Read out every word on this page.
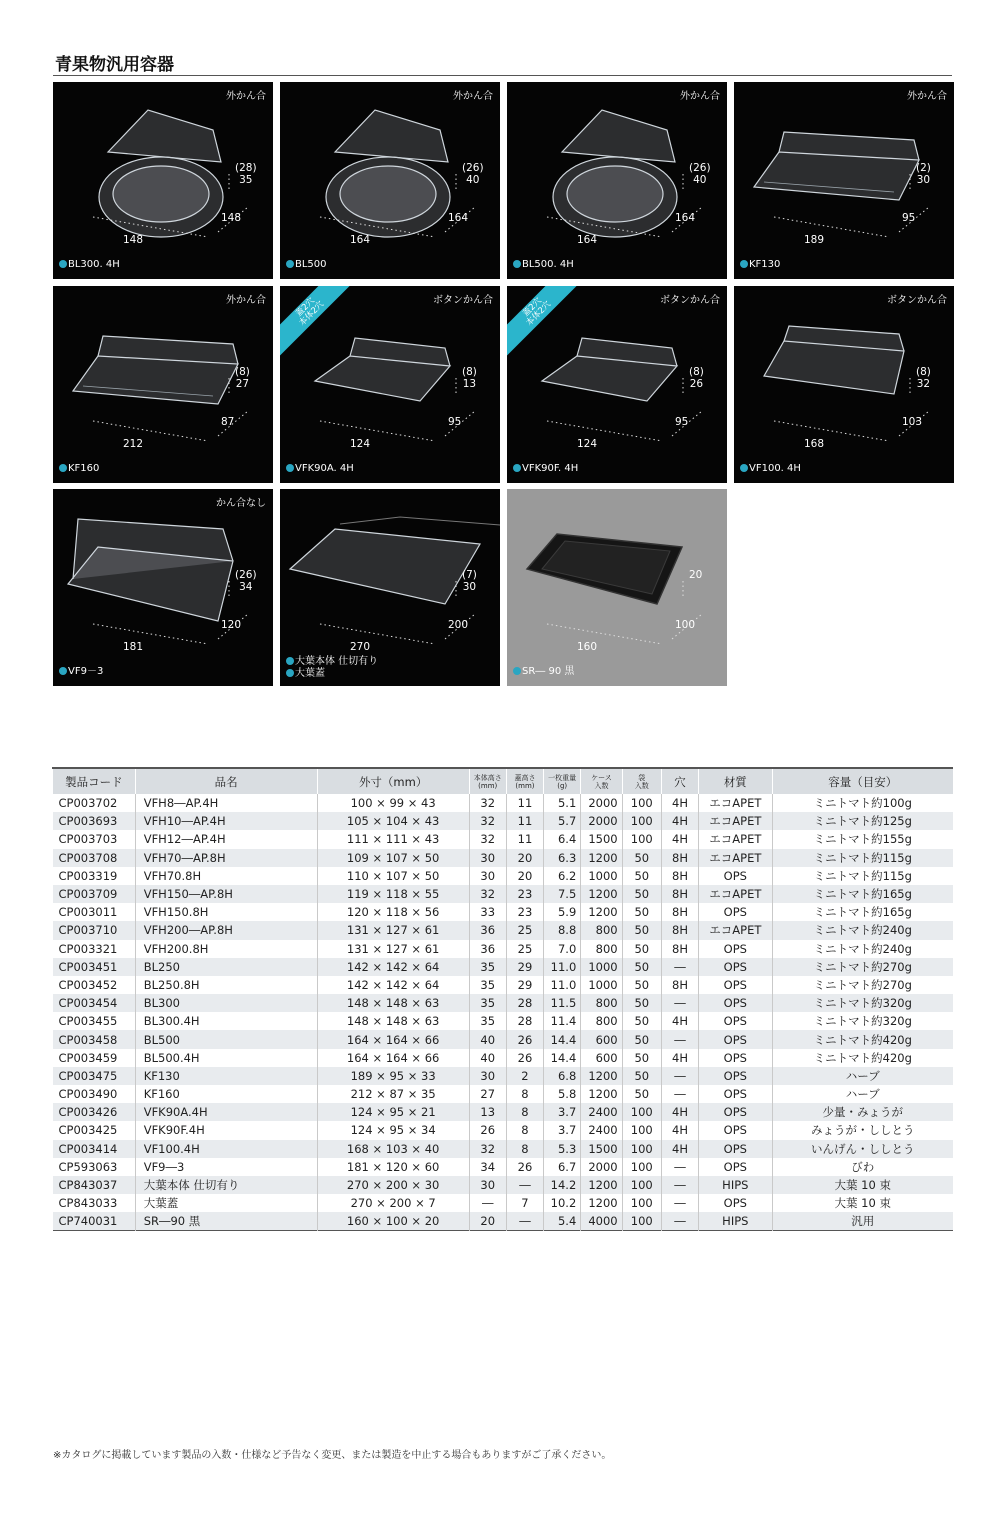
青果物汎用容器
外かん合
(28)
35
148
148
BL300. 4H
外かん合
(26)
40
164
164
BL500
外かん合
(26)
40
164
164
BL500. 4H
外かん合
(2)
30
95
189
KF130
外かん合
(8)
27
87
212
KF160
ボタンかん合
蓋2穴
本体2穴
(8)
13
95
124
VFK90A. 4H
ボタンかん合
蓋2穴
本体2穴
(8)
26
95
124
VFK90F. 4H
ボタンかん合
(8)
32
103
168
VF100. 4H
かん合なし
(26)
34
120
181
VF9－3
(7)
30
200
270
大葉本体 仕切有り
大葉蓋
20
100
160
SR― 90 黒
製品コード	品名	外寸（mm）	本体高さ
(mm)	蓋高さ
(mm)	一枚重量
(g)	ケース
入数	袋
入数	穴	材質	容量（目安）
CP003702	VFH8―AP.4H	100 × 99 × 43	32	11	5.1	2000	100	4H	エコAPET	ミニトマト約100g
CP003693	VFH10―AP.4H	105 × 104 × 43	32	11	5.7	2000	100	4H	エコAPET	ミニトマト約125g
CP003703	VFH12―AP.4H	111 × 111 × 43	32	11	6.4	1500	100	4H	エコAPET	ミニトマト約155g
CP003708	VFH70―AP.8H	109 × 107 × 50	30	20	6.3	1200	50	8H	エコAPET	ミニトマト約115g
CP003319	VFH70.8H	110 × 107 × 50	30	20	6.2	1000	50	8H	OPS	ミニトマト約115g
CP003709	VFH150―AP.8H	119 × 118 × 55	32	23	7.5	1200	50	8H	エコAPET	ミニトマト約165g
CP003011	VFH150.8H	120 × 118 × 56	33	23	5.9	1200	50	8H	OPS	ミニトマト約165g
CP003710	VFH200―AP.8H	131 × 127 × 61	36	25	8.8	800	50	8H	エコAPET	ミニトマト約240g
CP003321	VFH200.8H	131 × 127 × 61	36	25	7.0	800	50	8H	OPS	ミニトマト約240g
CP003451	BL250	142 × 142 × 64	35	29	11.0	1000	50	―	OPS	ミニトマト約270g
CP003452	BL250.8H	142 × 142 × 64	35	29	11.0	1000	50	8H	OPS	ミニトマト約270g
CP003454	BL300	148 × 148 × 63	35	28	11.5	800	50	―	OPS	ミニトマト約320g
CP003455	BL300.4H	148 × 148 × 63	35	28	11.4	800	50	4H	OPS	ミニトマト約320g
CP003458	BL500	164 × 164 × 66	40	26	14.4	600	50	―	OPS	ミニトマト約420g
CP003459	BL500.4H	164 × 164 × 66	40	26	14.4	600	50	4H	OPS	ミニトマト約420g
CP003475	KF130	189 × 95 × 33	30	2	6.8	1200	50	―	OPS	ハーブ
CP003490	KF160	212 × 87 × 35	27	8	5.8	1200	50	―	OPS	ハーブ
CP003426	VFK90A.4H	124 × 95 × 21	13	8	3.7	2400	100	4H	OPS	少量・みょうが
CP003425	VFK90F.4H	124 × 95 × 34	26	8	3.7	2400	100	4H	OPS	みょうが・ししとう
CP003414	VF100.4H	168 × 103 × 40	32	8	5.3	1500	100	4H	OPS	いんげん・ししとう
CP593063	VF9―3	181 × 120 × 60	34	26	6.7	2000	100	―	OPS	びわ
CP843037	大葉本体 仕切有り	270 × 200 × 30	30	―	14.2	1200	100	―	HIPS	大葉 10 束
CP843033	大葉蓋	270 × 200 × 7	―	7	10.2	1200	100	―	OPS	大葉 10 束
CP740031	SR―90 黒	160 × 100 × 20	20	―	5.4	4000	100	―	HIPS	汎用
※カタログに掲載しています製品の入数・仕様など予告なく変更、または製造を中止する場合もありますがご了承ください。
